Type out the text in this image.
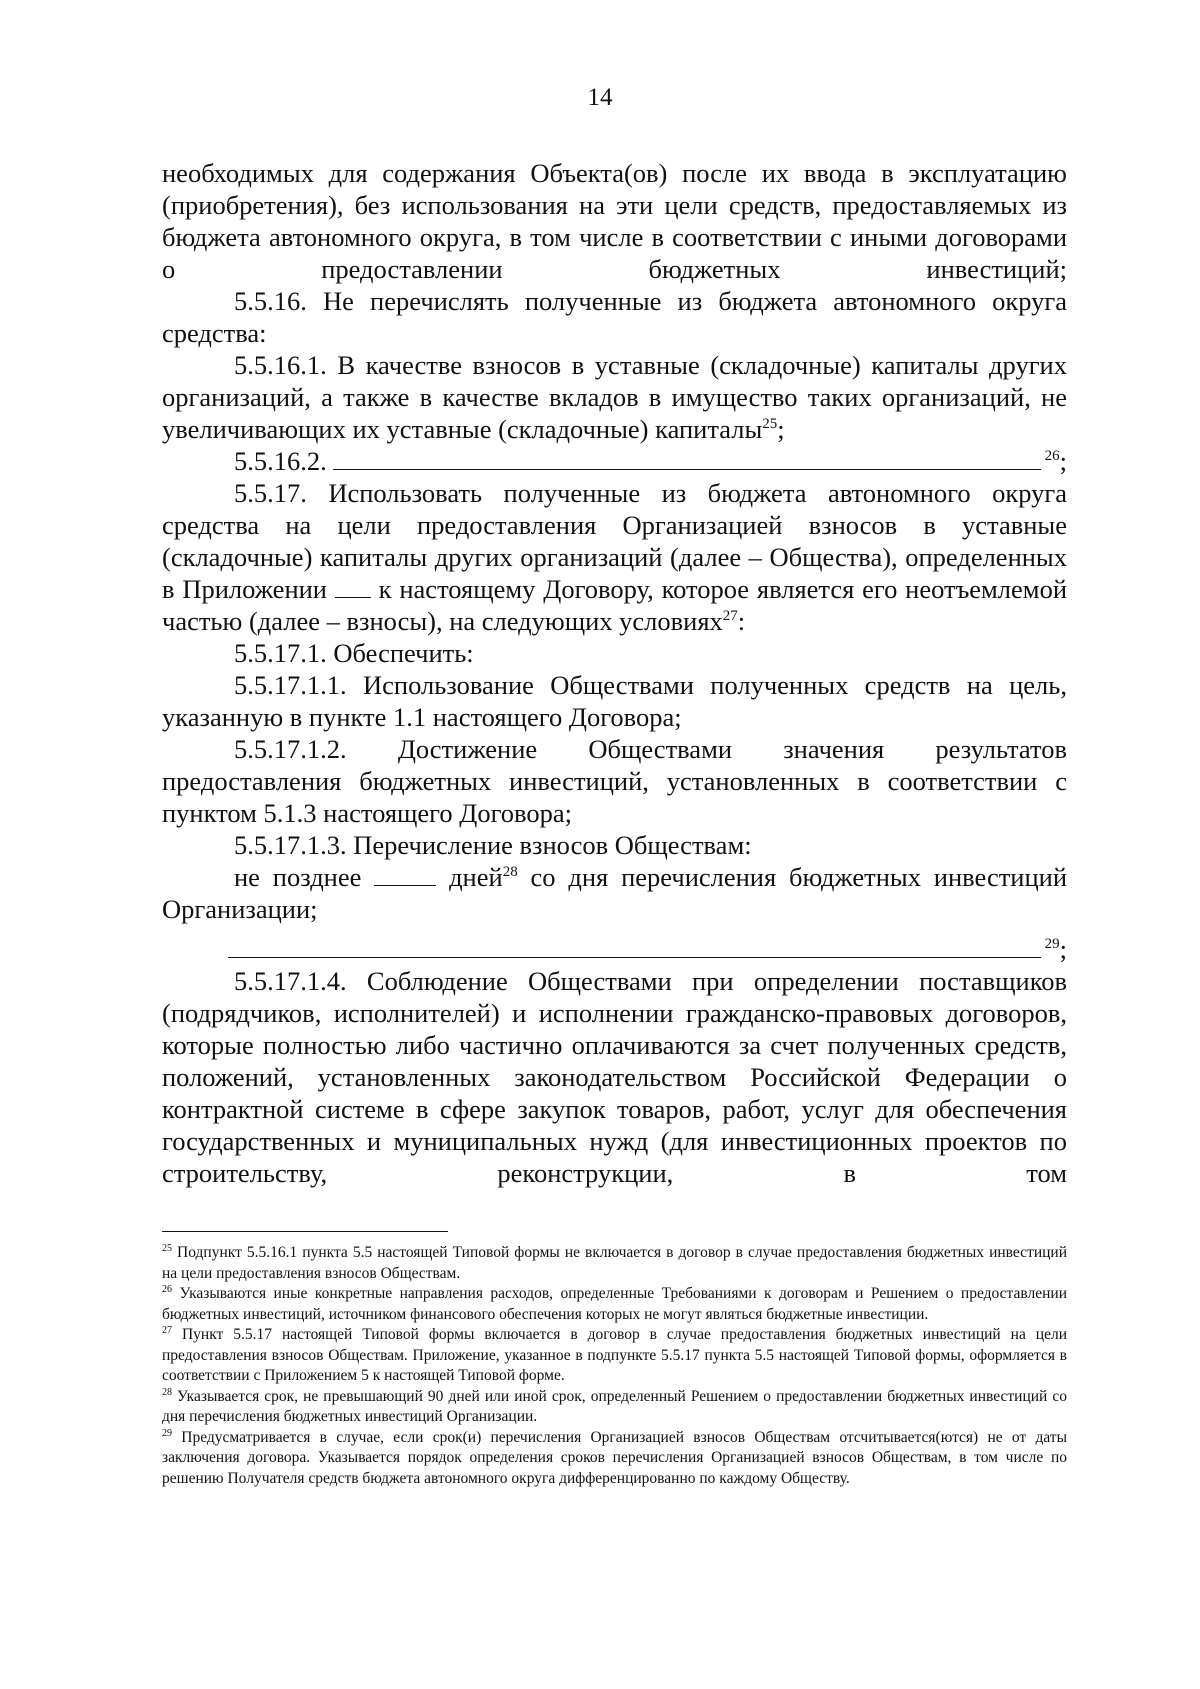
14

необходимых для содержания Объекта(ов) после их ввода в эксплуатацию (приобретения), без использования на эти цели средств, предоставляемых из бюджета автономного округа, в том числе в соответствии с иными договорами о предоставлении бюджетных инвестиций;

5.5.16. Не перечислять полученные из бюджета автономного округа средства:

5.5.16.1. В качестве взносов в уставные (складочные) капиталы других организаций, а также в качестве вкладов в имущество таких организаций, не увеличивающих их уставные (складочные) капиталы$^{25}$;

5.5.16.2.	$^{26}$;

5.5.17. Использовать полученные из бюджета автономного округа средства на цели предоставления Организацией взносов в уставные (складочные) капиталы других организаций (далее – Общества), определенных в Приложении к настоящему Договору, которое является его неотъемлемой частью (далее – взносы), на следующих условиях$^{27}$:

5.5.17.1. Обеспечить:

5.5.17.1.1. Использование Обществами полученных средств на цель, указанную в пункте 1.1 настоящего Договора;

5.5.17.1.2. Достижение Обществами значения результатов предоставления бюджетных инвестиций, установленных в соответствии с пунктом 5.1.3 настоящего Договора;

5.5.17.1.3. Перечисление взносов Обществам:

не позднее	дней$^{28}$ со дня перечисления бюджетных инвестиций Организации;

$^{29}$;

5.5.17.1.4. Соблюдение Обществами при определении поставщиков (подрядчиков, исполнителей) и исполнении гражданско-правовых договоров, которые полностью либо частично оплачиваются за счет полученных средств, положений, установленных законодательством Российской Федерации о контрактной системе в сфере закупок товаров, работ, услуг для обеспечения государственных и муниципальных нужд (для инвестиционных проектов по строительству, реконструкции, в том

$^{25}$ Подпункт 5.5.16.1 пункта 5.5 настоящей Типовой формы не включается в договор в случае предоставления бюджетных инвестиций на цели предоставления взносов Обществам.

$^{26}$ Указываются иные конкретные направления расходов, определенные Требованиями к договорам и Решением о предоставлении бюджетных инвестиций, источником финансового обеспечения которых не могут являться бюджетные инвестиции.

$^{27}$ Пункт 5.5.17 настоящей Типовой формы включается в договор в случае предоставления бюджетных инвестиций на цели предоставления взносов Обществам. Приложение, указанное в подпункте 5.5.17 пункта 5.5 настоящей Типовой формы, оформляется в соответствии с Приложением 5 к настоящей Типовой форме.

$^{28}$ Указывается срок, не превышающий 90 дней или иной срок, определенный Решением о предоставлении бюджетных инвестиций со дня перечисления бюджетных инвестиций Организации.

$^{29}$ Предусматривается в случае, если срок(и) перечисления Организацией взносов Обществам отсчитывается(ются) не от даты заключения договора. Указывается порядок определения сроков перечисления Организацией взносов Обществам, в том числе по решению Получателя средств бюджета автономного округа дифференцированно по каждому Обществу.
